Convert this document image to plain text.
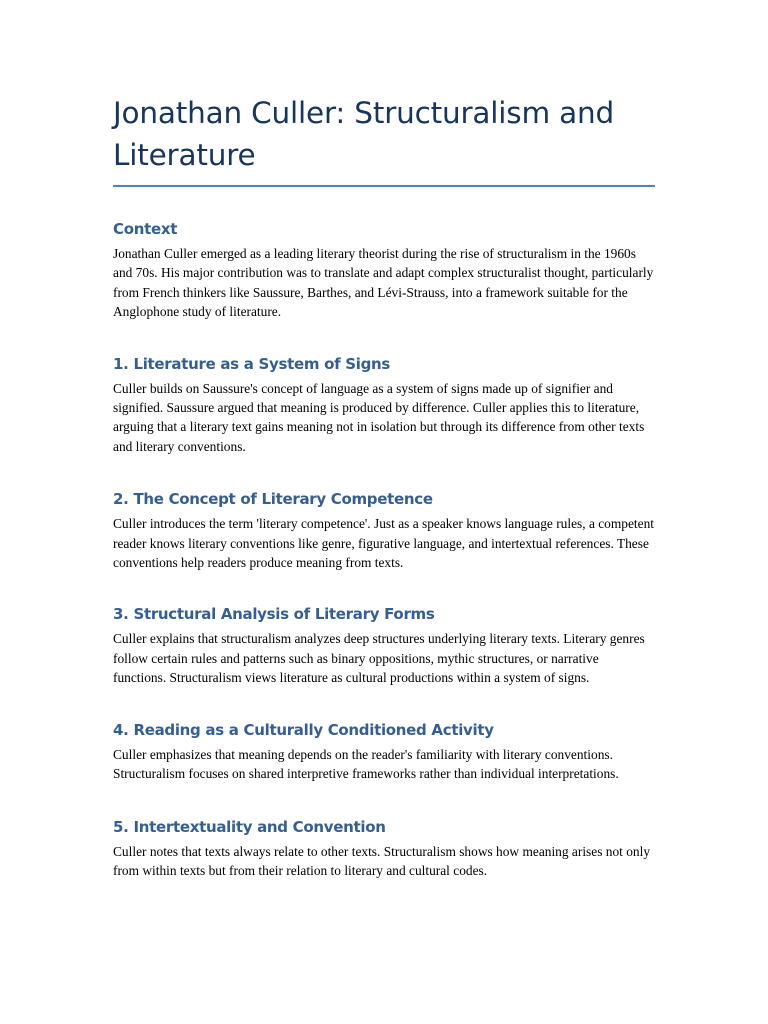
Jonathan Culler: Structuralism and Literature
Context

Jonathan Culler emerged as a leading literary theorist during the rise of structuralism in the 1960s and 70s. His major contribution was to translate and adapt complex structuralist thought, particularly from French thinkers like Saussure, Barthes, and Lévi-Strauss, into a framework suitable for the Anglophone study of literature.

1. Literature as a System of Signs

Culler builds on Saussure's concept of language as a system of signs made up of signifier and signified. Saussure argued that meaning is produced by difference. Culler applies this to literature, arguing that a literary text gains meaning not in isolation but through its difference from other texts and literary conventions.

2. The Concept of Literary Competence

Culler introduces the term 'literary competence'. Just as a speaker knows language rules, a competent reader knows literary conventions like genre, figurative language, and intertextual references. These conventions help readers produce meaning from texts.

3. Structural Analysis of Literary Forms

Culler explains that structuralism analyzes deep structures underlying literary texts. Literary genres follow certain rules and patterns such as binary oppositions, mythic structures, or narrative functions. Structuralism views literature as cultural productions within a system of signs.

4. Reading as a Culturally Conditioned Activity

Culler emphasizes that meaning depends on the reader's familiarity with literary conventions. Structuralism focuses on shared interpretive frameworks rather than individual interpretations.

5. Intertextuality and Convention

Culler notes that texts always relate to other texts. Structuralism shows how meaning arises not only from within texts but from their relation to literary and cultural codes.
